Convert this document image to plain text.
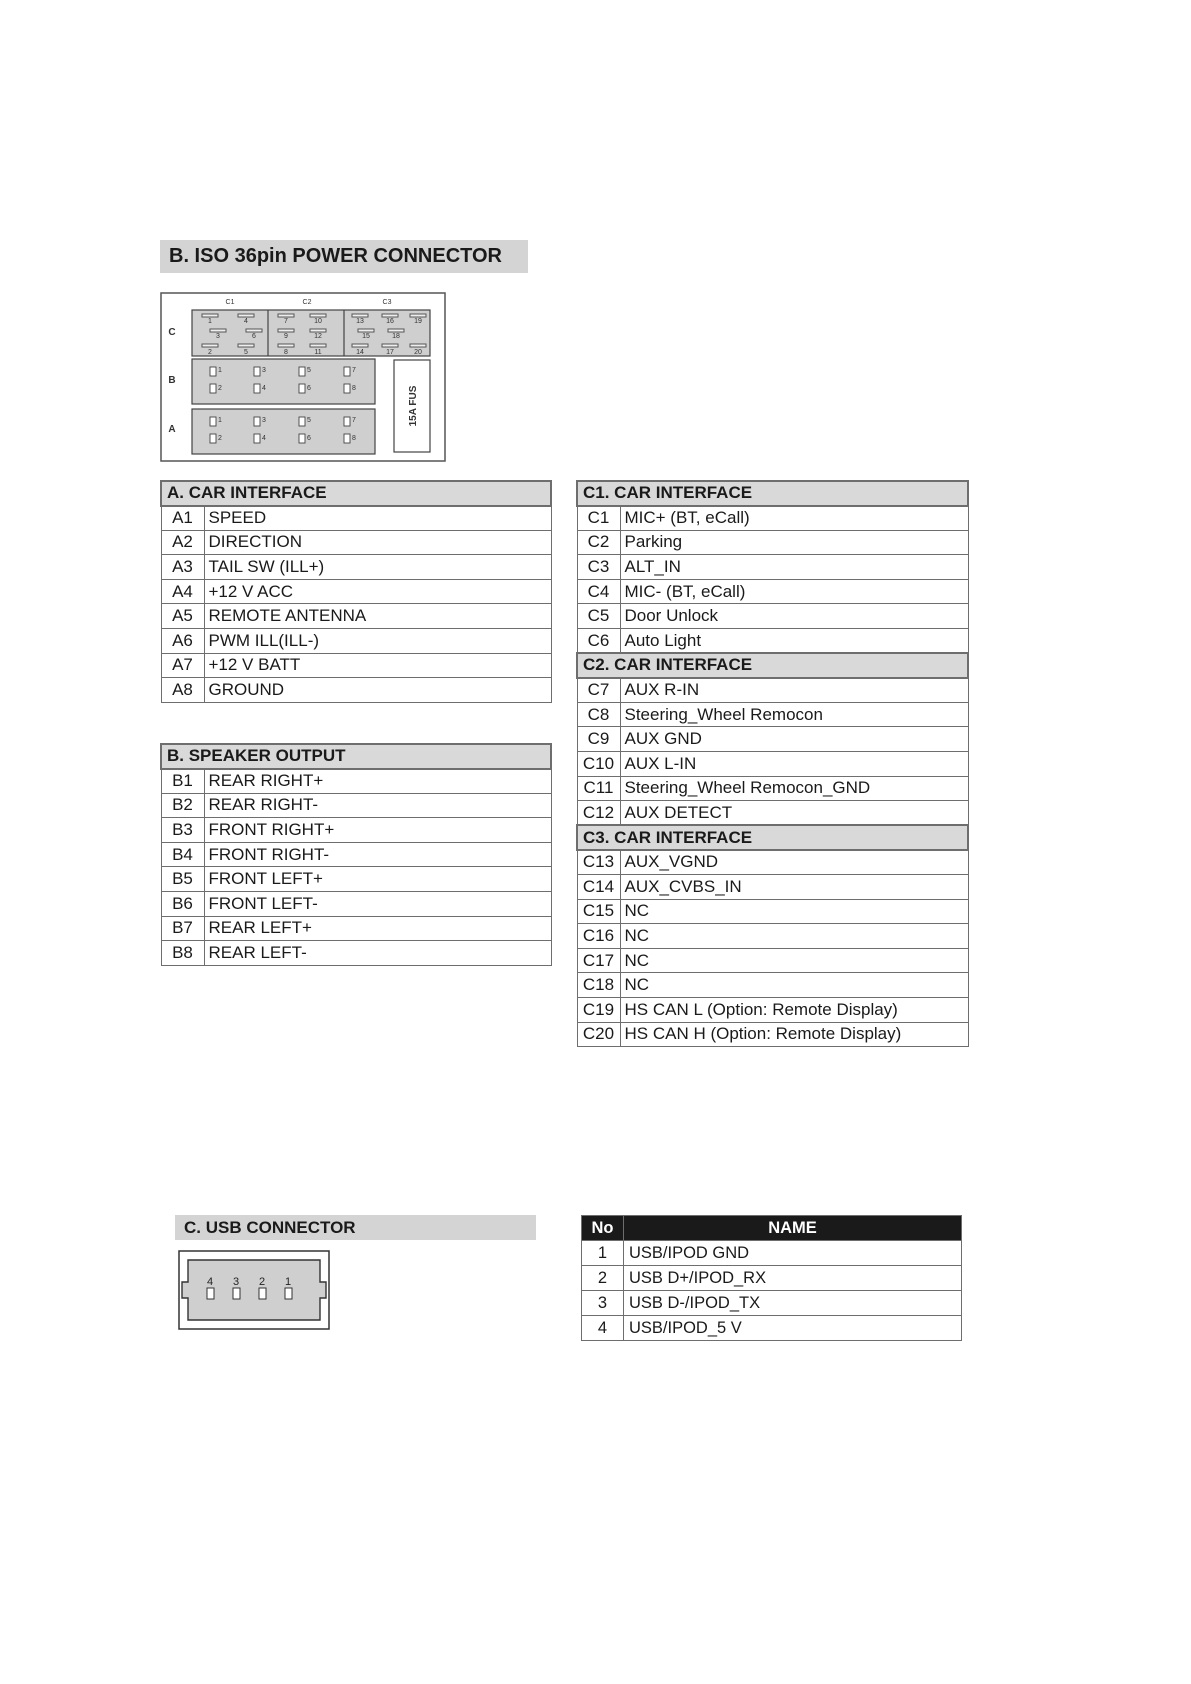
B. ISO 36pin POWER CONNECTOR
C
B
A
C1	C2	C3
1	4	7	10	13	16	19
3	6	9	12	15	18
2	5	8	11	14	17	20
1
2
3
4
5
6
7
8
1
2
3
4
5
6
7
8
15A FUS
A. CAR INTERFACE	
A1	SPEED
A2	DIRECTION
A3	TAIL SW (ILL+)
A4	+12 V ACC
A5	REMOTE ANTENNA
A6	PWM ILL(ILL-)
A7	+12 V BATT
A8	GROUND
B. SPEAKER OUTPUT	
B1	REAR RIGHT+
B2	REAR RIGHT-
B3	FRONT RIGHT+
B4	FRONT RIGHT-
B5	FRONT LEFT+
B6	FRONT LEFT-
B7	REAR LEFT+
B8	REAR LEFT-
C1. CAR INTERFACE	
C1	MIC+ (BT, eCall)
C2	Parking
C3	ALT_IN
C4	MIC- (BT, eCall)
C5	Door Unlock
C6	Auto Light
C2. CAR INTERFACE	
C7	AUX R-IN
C8	Steering_Wheel Remocon
C9	AUX GND
C10	AUX L-IN
C11	Steering_Wheel Remocon_GND
C12	AUX DETECT
C3. CAR INTERFACE	
C13	AUX_VGND
C14	AUX_CVBS_IN
C15	NC
C16	NC
C17	NC
C18	NC
C19	HS CAN L (Option: Remote Display)
C20	HS CAN H (Option: Remote Display)
C. USB CONNECTOR
4 3 2 1
No	NAME
1	USB/IPOD GND
2	USB D+/IPOD_RX
3	USB D-/IPOD_TX
4	USB/IPOD_5 V
